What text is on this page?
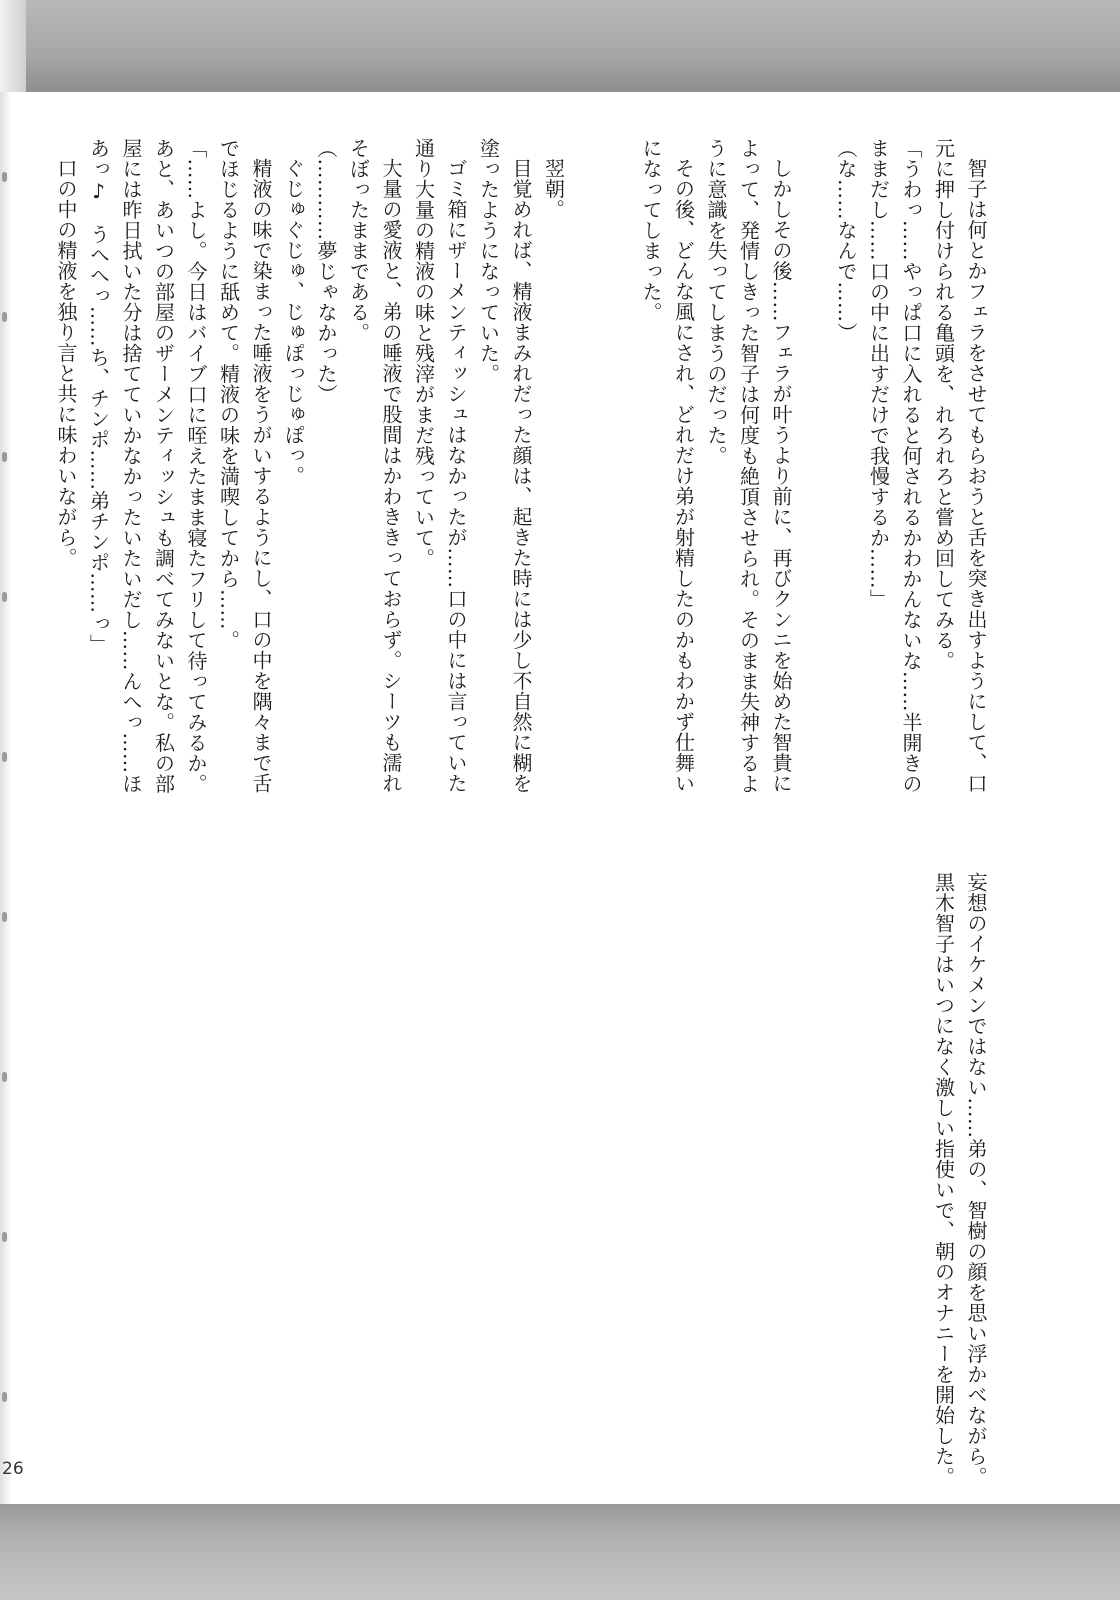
智子は何とかフェラをさせてもらおうと舌を突き出すようにして、口
元に押し付けられる亀頭を、れろれろと嘗め回してみる。
「うわっ……やっぱ口に入れると何されるかわかんないな……半開きの
ままだし……口の中に出すだけで我慢するか……」
（な……なんで……）

しかしその後……フェラが叶うより前に、再びクンニを始めた智貴に
よって、発情しきった智子は何度も絶頂させられ。そのまま失神するよ
うに意識を失ってしまうのだった。
その後、どんな風にされ、どれだけ弟が射精したのかもわかず仕舞い
になってしまった。

翌朝。
目覚めれば、精液まみれだった顔は、起きた時には少し不自然に糊を
塗ったようになっていた。
ゴミ箱にザーメンティッシュはなかったが……口の中には言っていた
通り大量の精液の味と残滓がまだ残っていて。
大量の愛液と、弟の唾液で股間はかわききっておらず。シーツも濡れ
そぼったままである。
（…………夢じゃなかった）
ぐじゅぐじゅ、じゅぽっじゅぽっ。
精液の味で染まった唾液をうがいするようにし、口の中を隅々まで舌
でほじるように舐めて。精液の味を満喫してから……。
「……よし。今日はバイブ口に咥えたまま寝たフリして待ってみるか。
あと、あいつの部屋のザーメンティッシュも調べてみないとな。私の部
屋には昨日拭いた分は捨てていかなかったいたいだし……んへっ……ほ
あっ♪　うへへっ……ち、チンポ……弟チンポ……っ」
口の中の精液を独り言と共に味わいながら。
妄想のイケメンではない……弟の、智樹の顔を思い浮かべながら。
黒木智子はいつになく激しい指使いで、朝のオナニーを開始した。
26
